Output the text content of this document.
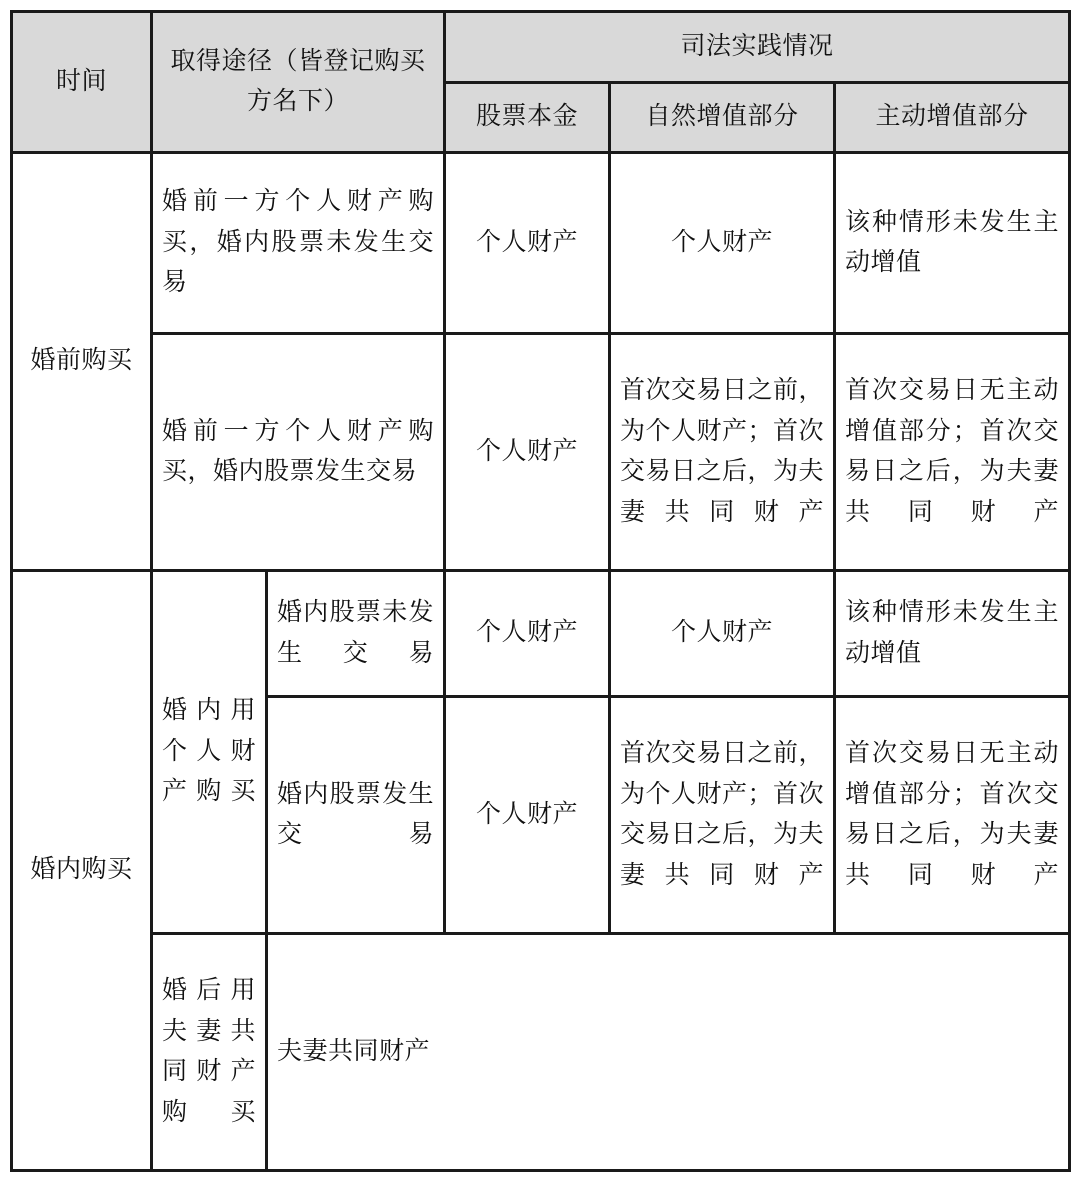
时间	取得途径（皆登记购买方名下）		司法实践情况		
			股票本金	自然增值部分	主动增值部分
婚前购买	婚前一方个人财产购买，婚内股票未发生交易		个人财产	个人财产	该种情形未发生主动增值
	婚前一方个人财产购买，婚内股票发生交易		个人财产	首次交易日之前，为个人财产；首次交易日之后，为夫妻共同财产	首次交易日无主动增值部分；首次交易日之后，为夫妻共同财产
婚内购买	婚内用个人财产购买	婚内股票未发生交易	个人财产	个人财产	该种情形未发生主动增值
		婚内股票发生交易	个人财产	首次交易日之前，为个人财产；首次交易日之后，为夫妻共同财产	首次交易日无主动增值部分；首次交易日之后，为夫妻共同财产
	婚后用夫妻共同财产购买	夫妻共同财产			
